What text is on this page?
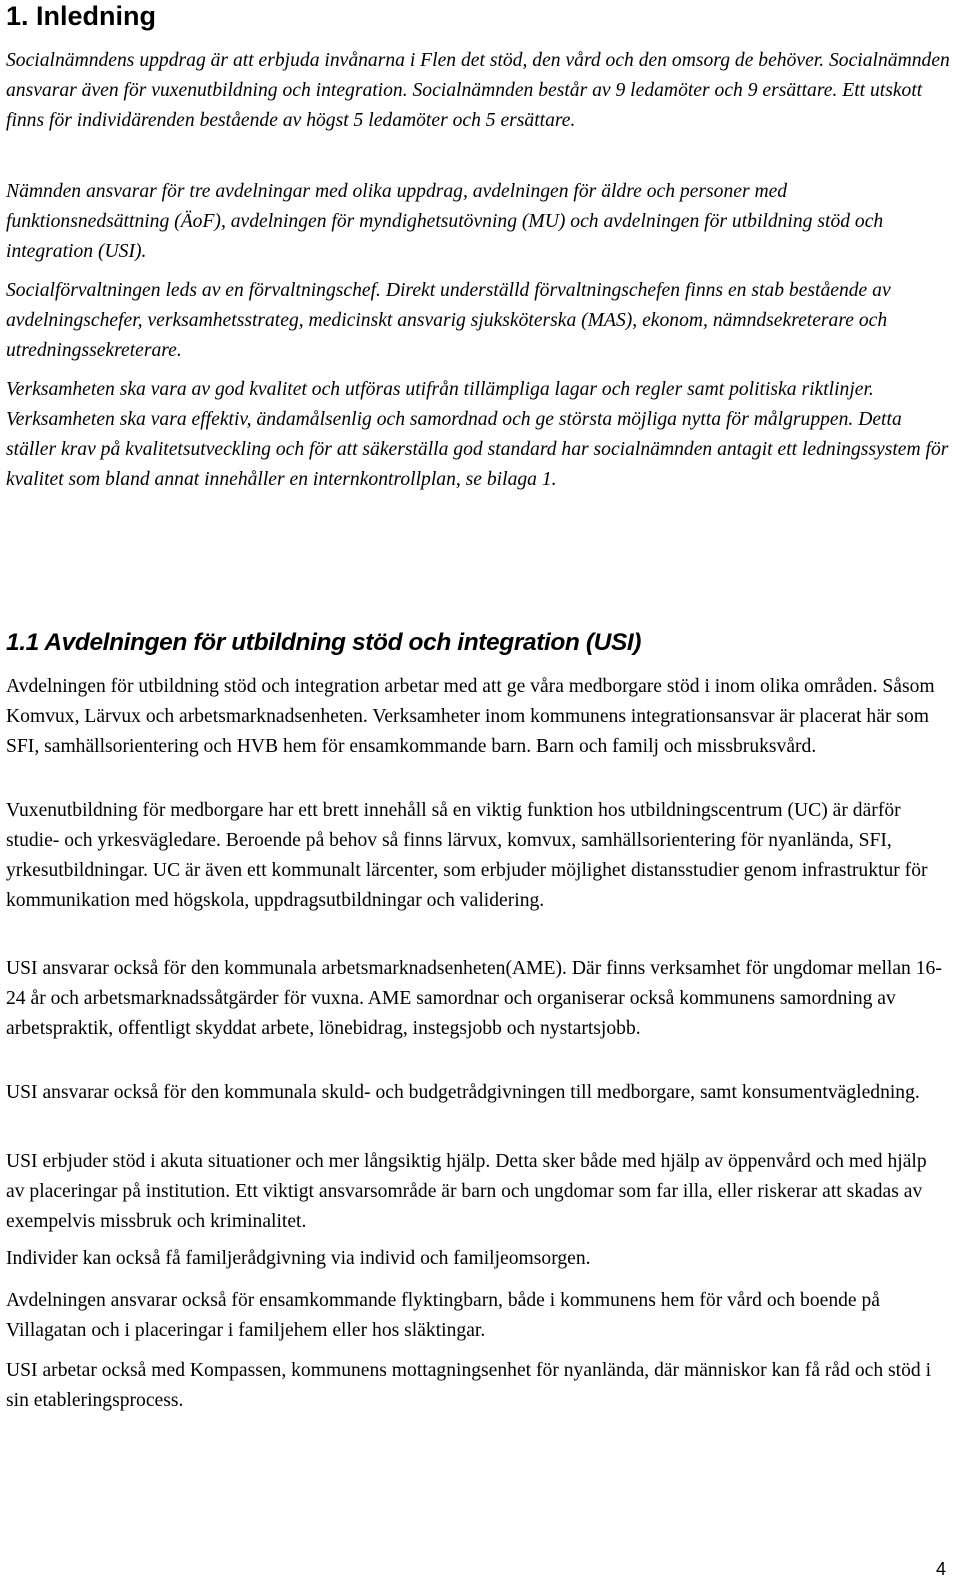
1. Inledning

Socialnämndens uppdrag är att erbjuda invånarna i Flen det stöd, den vård och den omsorg de behöver. Socialnämnden ansvarar även för vuxenutbildning och integration. Socialnämnden består av 9 ledamöter och 9 ersättare. Ett utskott finns för individärenden bestående av högst 5 ledamöter och 5 ersättare.

Nämnden ansvarar för tre avdelningar med olika uppdrag, avdelningen för äldre och personer med funktionsnedsättning (ÄoF), avdelningen för myndighetsutövning (MU) och avdelningen för utbildning stöd och integration (USI).

Socialförvaltningen leds av en förvaltningschef. Direkt underställd förvaltningschefen finns en stab bestående av avdelningschefer, verksamhetsstrateg, medicinskt ansvarig sjuksköterska (MAS), ekonom, nämndsekreterare och utredningssekreterare.

Verksamheten ska vara av god kvalitet och utföras utifrån tillämpliga lagar och regler samt politiska riktlinjer. Verksamheten ska vara effektiv, ändamålsenlig och samordnad och ge största möjliga nytta för målgruppen. Detta ställer krav på kvalitetsutveckling och för att säkerställa god standard har socialnämnden antagit ett ledningssystem för kvalitet som bland annat innehåller en internkontrollplan, se bilaga 1.

1.1 Avdelningen för utbildning stöd och integration (USI)

Avdelningen för utbildning stöd och integration arbetar med att ge våra medborgare stöd i inom olika områden. Såsom Komvux, Lärvux och arbetsmarknadsenheten. Verksamheter inom kommunens integrationsansvar är placerat här som SFI, samhällsorientering och HVB hem för ensamkommande barn. Barn och familj och missbruksvård.

Vuxenutbildning för medborgare har ett brett innehåll så en viktig funktion hos utbildningscentrum (UC) är därför studie- och yrkesvägledare. Beroende på behov så finns lärvux, komvux, samhällsorientering för nyanlända, SFI, yrkesutbildningar. UC är även ett kommunalt lärcenter, som erbjuder möjlighet distansstudier genom infrastruktur för kommunikation med högskola, uppdragsutbildningar och validering.

USI ansvarar också för den kommunala arbetsmarknadsenheten(AME). Där finns verksamhet för ungdomar mellan 16-24 år och arbetsmarknadssåtgärder för vuxna. AME samordnar och organiserar också kommunens samordning av arbetspraktik, offentligt skyddat arbete, lönebidrag, instegsjobb och nystartsjobb.

USI ansvarar också för den kommunala skuld- och budgetrådgivningen till medborgare, samt konsumentvägledning.

USI erbjuder stöd i akuta situationer och mer långsiktig hjälp. Detta sker både med hjälp av öppenvård och med hjälp av placeringar på institution. Ett viktigt ansvarsområde är barn och ungdomar som far illa, eller riskerar att skadas av exempelvis missbruk och kriminalitet.

Individer kan också få familjerådgivning via individ och familjeomsorgen.

Avdelningen ansvarar också för ensamkommande flyktingbarn, både i kommunens hem för vård och boende på Villagatan och i placeringar i familjehem eller hos släktingar.

USI arbetar också med Kompassen, kommunens mottagningsenhet för nyanlända, där människor kan få råd och stöd i sin etableringsprocess.

4
